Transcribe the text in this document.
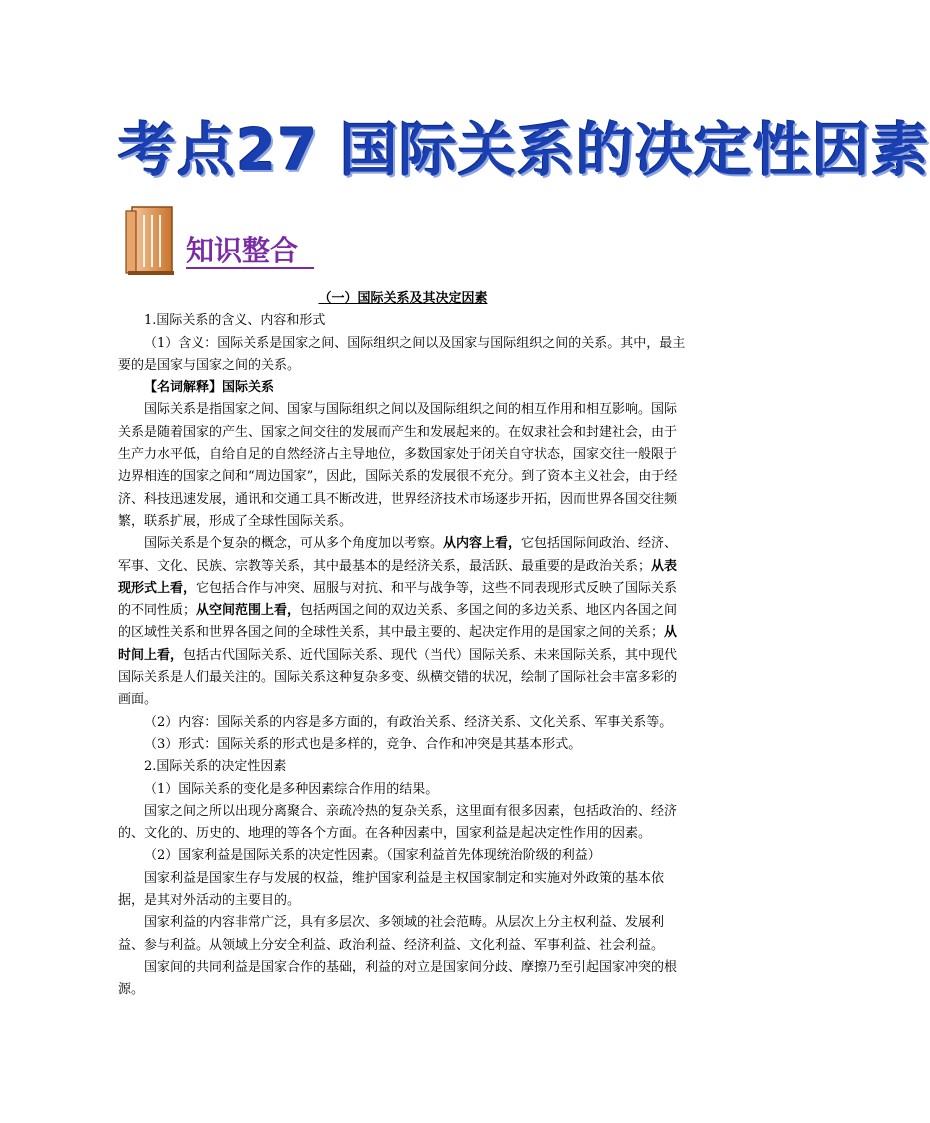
考点27 国际关系的决定性因素
知识整合

（一）国际关系及其决定因素

1.国际关系的含义、内容和形式

（1）含义：国际关系是国家之间、国际组织之间以及国家与国际组织之间的关系。其中，最主要的是国家与国家之间的关系。

【名词解释】国际关系

国际关系是指国家之间、国家与国际组织之间以及国际组织之间的相互作用和相互影响。国际关系是随着国家的产生、国家之间交往的发展而产生和发展起来的。在奴隶社会和封建社会，由于生产力水平低，自给自足的自然经济占主导地位，多数国家处于闭关自守状态，国家交往一般限于边界相连的国家之间和“周边国家”，因此，国际关系的发展很不充分。到了资本主义社会，由于经济、科技迅速发展，通讯和交通工具不断改进，世界经济技术市场逐步开拓，因而世界各国交往频繁，联系扩展，形成了全球性国际关系。

国际关系是个复杂的概念，可从多个角度加以考察。从内容上看，它包括国际间政治、经济、军事、文化、民族、宗教等关系，其中最基本的是经济关系，最活跃、最重要的是政治关系；从表现形式上看，它包括合作与冲突、屈服与对抗、和平与战争等，这些不同表现形式反映了国际关系的不同性质；从空间范围上看，包括两国之间的双边关系、多国之间的多边关系、地区内各国之间的区域性关系和世界各国之间的全球性关系，其中最主要的、起决定作用的是国家之间的关系；从时间上看，包括古代国际关系、近代国际关系、现代（当代）国际关系、未来国际关系，其中现代国际关系是人们最关注的。国际关系这种复杂多变、纵横交错的状况，绘制了国际社会丰富多彩的画面。

（2）内容：国际关系的内容是多方面的，有政治关系、经济关系、文化关系、军事关系等。

（3）形式：国际关系的形式也是多样的，竞争、合作和冲突是其基本形式。

2.国际关系的决定性因素

（1）国际关系的变化是多种因素综合作用的结果。

国家之间之所以出现分离聚合、亲疏冷热的复杂关系，这里面有很多因素，包括政治的、经济的、文化的、历史的、地理的等各个方面。在各种因素中，国家利益是起决定性作用的因素。

（2）国家利益是国际关系的决定性因素。（国家利益首先体现统治阶级的利益）

国家利益是国家生存与发展的权益，维护国家利益是主权国家制定和实施对外政策的基本依据，是其对外活动的主要目的。

国家利益的内容非常广泛，具有多层次、多领域的社会范畴。从层次上分主权利益、发展利益、参与利益。从领域上分安全利益、政治利益、经济利益、文化利益、军事利益、社会利益。

国家间的共同利益是国家合作的基础，利益的对立是国家间分歧、摩擦乃至引起国家冲突的根源。
